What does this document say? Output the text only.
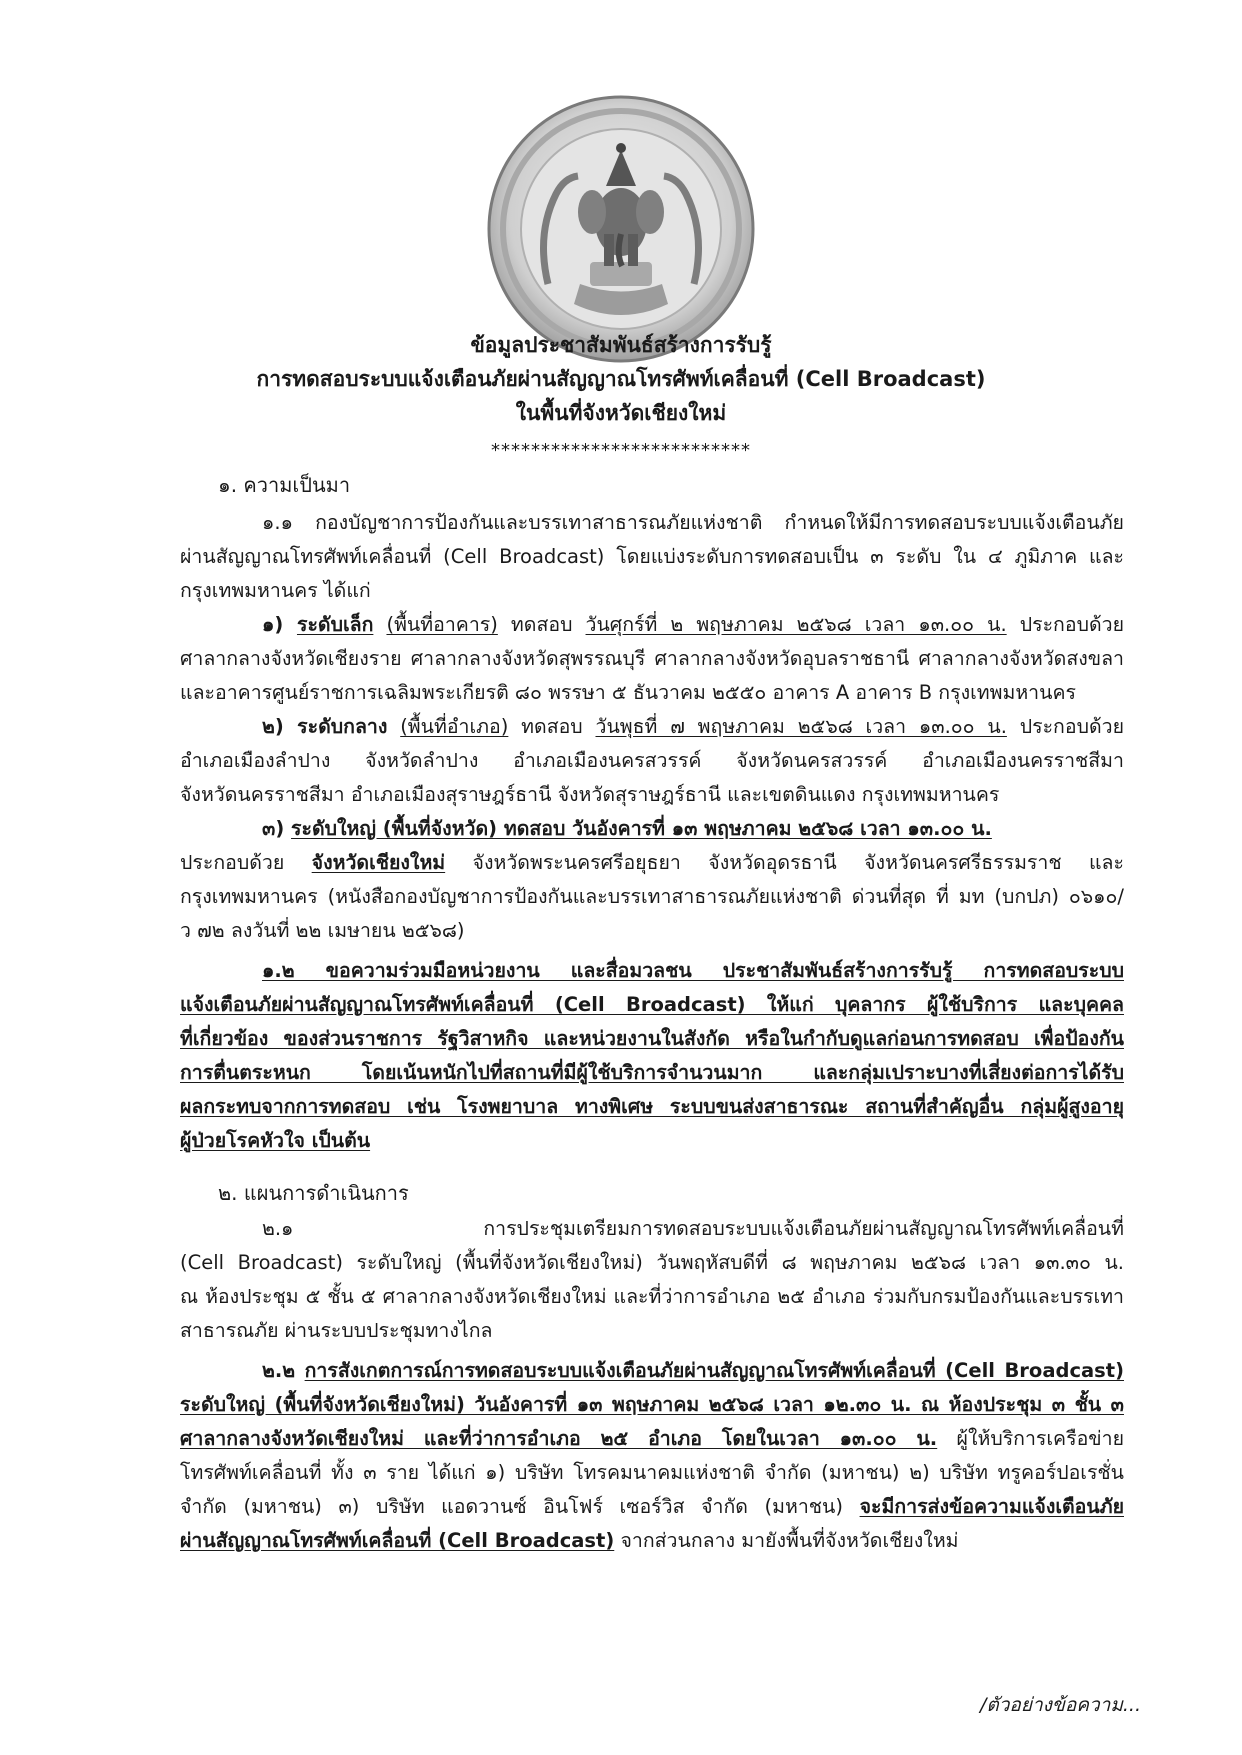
ข้อมูลประชาสัมพันธ์สร้างการรับรู้
การทดสอบระบบแจ้งเตือนภัยผ่านสัญญาณโทรศัพท์เคลื่อนที่ (Cell Broadcast)
ในพื้นที่จังหวัดเชียงใหม่
**************************
๑. ความเป็นมา
๑.๑ กองบัญชาการป้องกันและบรรเทาสาธารณภัยแห่งชาติ กำหนดให้มีการทดสอบระบบแจ้งเตือนภัย
ผ่านสัญญาณโทรศัพท์เคลื่อนที่ (Cell Broadcast) โดยแบ่งระดับการทดสอบเป็น ๓ ระดับ ใน ๔ ภูมิภาค และ
กรุงเทพมหานคร ได้แก่
๑) ระดับเล็ก (พื้นที่อาคาร) ทดสอบ วันศุกร์ที่ ๒ พฤษภาคม ๒๕๖๘ เวลา ๑๓.๐๐ น. ประกอบด้วย
ศาลากลางจังหวัดเชียงราย ศาลากลางจังหวัดสุพรรณบุรี ศาลากลางจังหวัดอุบลราชธานี ศาลากลางจังหวัดสงขลา
และอาคารศูนย์ราชการเฉลิมพระเกียรติ ๘๐ พรรษา ๕ ธันวาคม ๒๕๕๐ อาคาร A อาคาร B กรุงเทพมหานคร
๒) ระดับกลาง (พื้นที่อำเภอ) ทดสอบ วันพุธที่ ๗ พฤษภาคม ๒๕๖๘ เวลา ๑๓.๐๐ น. ประกอบด้วย
อำเภอเมืองลำปาง จังหวัดลำปาง อำเภอเมืองนครสวรรค์ จังหวัดนครสวรรค์ อำเภอเมืองนครราชสีมา
จังหวัดนครราชสีมา อำเภอเมืองสุราษฎร์ธานี จังหวัดสุราษฎร์ธานี และเขตดินแดง กรุงเทพมหานคร
๓) ระดับใหญ่ (พื้นที่จังหวัด) ทดสอบ วันอังคารที่ ๑๓ พฤษภาคม ๒๕๖๘ เวลา ๑๓.๐๐ น.
ประกอบด้วย จังหวัดเชียงใหม่ จังหวัดพระนครศรีอยุธยา จังหวัดอุดรธานี จังหวัดนครศรีธรรมราช และ
กรุงเทพมหานคร (หนังสือกองบัญชาการป้องกันและบรรเทาสาธารณภัยแห่งชาติ ด่วนที่สุด ที่ มท (บกปภ) ๐๖๑๐/
ว ๗๒ ลงวันที่ ๒๒ เมษายน ๒๕๖๘)
๑.๒ ขอความร่วมมือหน่วยงาน และสื่อมวลชน ประชาสัมพันธ์สร้างการรับรู้ การทดสอบระบบ
แจ้งเตือนภัยผ่านสัญญาณโทรศัพท์เคลื่อนที่ (Cell Broadcast) ให้แก่ บุคลากร ผู้ใช้บริการ และบุคคล
ที่เกี่ยวข้อง ของส่วนราชการ รัฐวิสาหกิจ และหน่วยงานในสังกัด หรือในกำกับดูแลก่อนการทดสอบ เพื่อป้องกัน
การตื่นตระหนก โดยเน้นหนักไปที่สถานที่มีผู้ใช้บริการจำนวนมาก และกลุ่มเปราะบางที่เสี่ยงต่อการได้รับ
ผลกระทบจากการทดสอบ เช่น โรงพยาบาล ทางพิเศษ ระบบขนส่งสาธารณะ สถานที่สำคัญอื่น กลุ่มผู้สูงอายุ
ผู้ป่วยโรคหัวใจ เป็นต้น
๒. แผนการดำเนินการ
๒.๑ การประชุมเตรียมการทดสอบระบบแจ้งเตือนภัยผ่านสัญญาณโทรศัพท์เคลื่อนที่
(Cell Broadcast) ระดับใหญ่ (พื้นที่จังหวัดเชียงใหม่) วันพฤหัสบดีที่ ๘ พฤษภาคม ๒๕๖๘ เวลา ๑๓.๓๐ น.
ณ ห้องประชุม ๕ ชั้น ๕ ศาลากลางจังหวัดเชียงใหม่ และที่ว่าการอำเภอ ๒๕ อำเภอ ร่วมกับกรมป้องกันและบรรเทา
สาธารณภัย ผ่านระบบประชุมทางไกล
๒.๒ การสังเกตการณ์การทดสอบระบบแจ้งเตือนภัยผ่านสัญญาณโทรศัพท์เคลื่อนที่ (Cell Broadcast)
ระดับใหญ่ (พื้นที่จังหวัดเชียงใหม่) วันอังคารที่ ๑๓ พฤษภาคม ๒๕๖๘ เวลา ๑๒.๓๐ น. ณ ห้องประชุม ๓ ชั้น ๓
ศาลากลางจังหวัดเชียงใหม่ และที่ว่าการอำเภอ ๒๕ อำเภอ โดยในเวลา ๑๓.๐๐ น. ผู้ให้บริการเครือข่าย
โทรศัพท์เคลื่อนที่ ทั้ง ๓ ราย ได้แก่ ๑) บริษัท โทรคมนาคมแห่งชาติ จำกัด (มหาชน) ๒) บริษัท ทรูคอร์ปอเรชั่น
จำกัด (มหาชน) ๓) บริษัท แอดวานซ์ อินโฟร์ เซอร์วิส จำกัด (มหาชน) จะมีการส่งข้อความแจ้งเตือนภัย
ผ่านสัญญาณโทรศัพท์เคลื่อนที่ (Cell Broadcast) จากส่วนกลาง มายังพื้นที่จังหวัดเชียงใหม่
/ตัวอย่างข้อความ...
